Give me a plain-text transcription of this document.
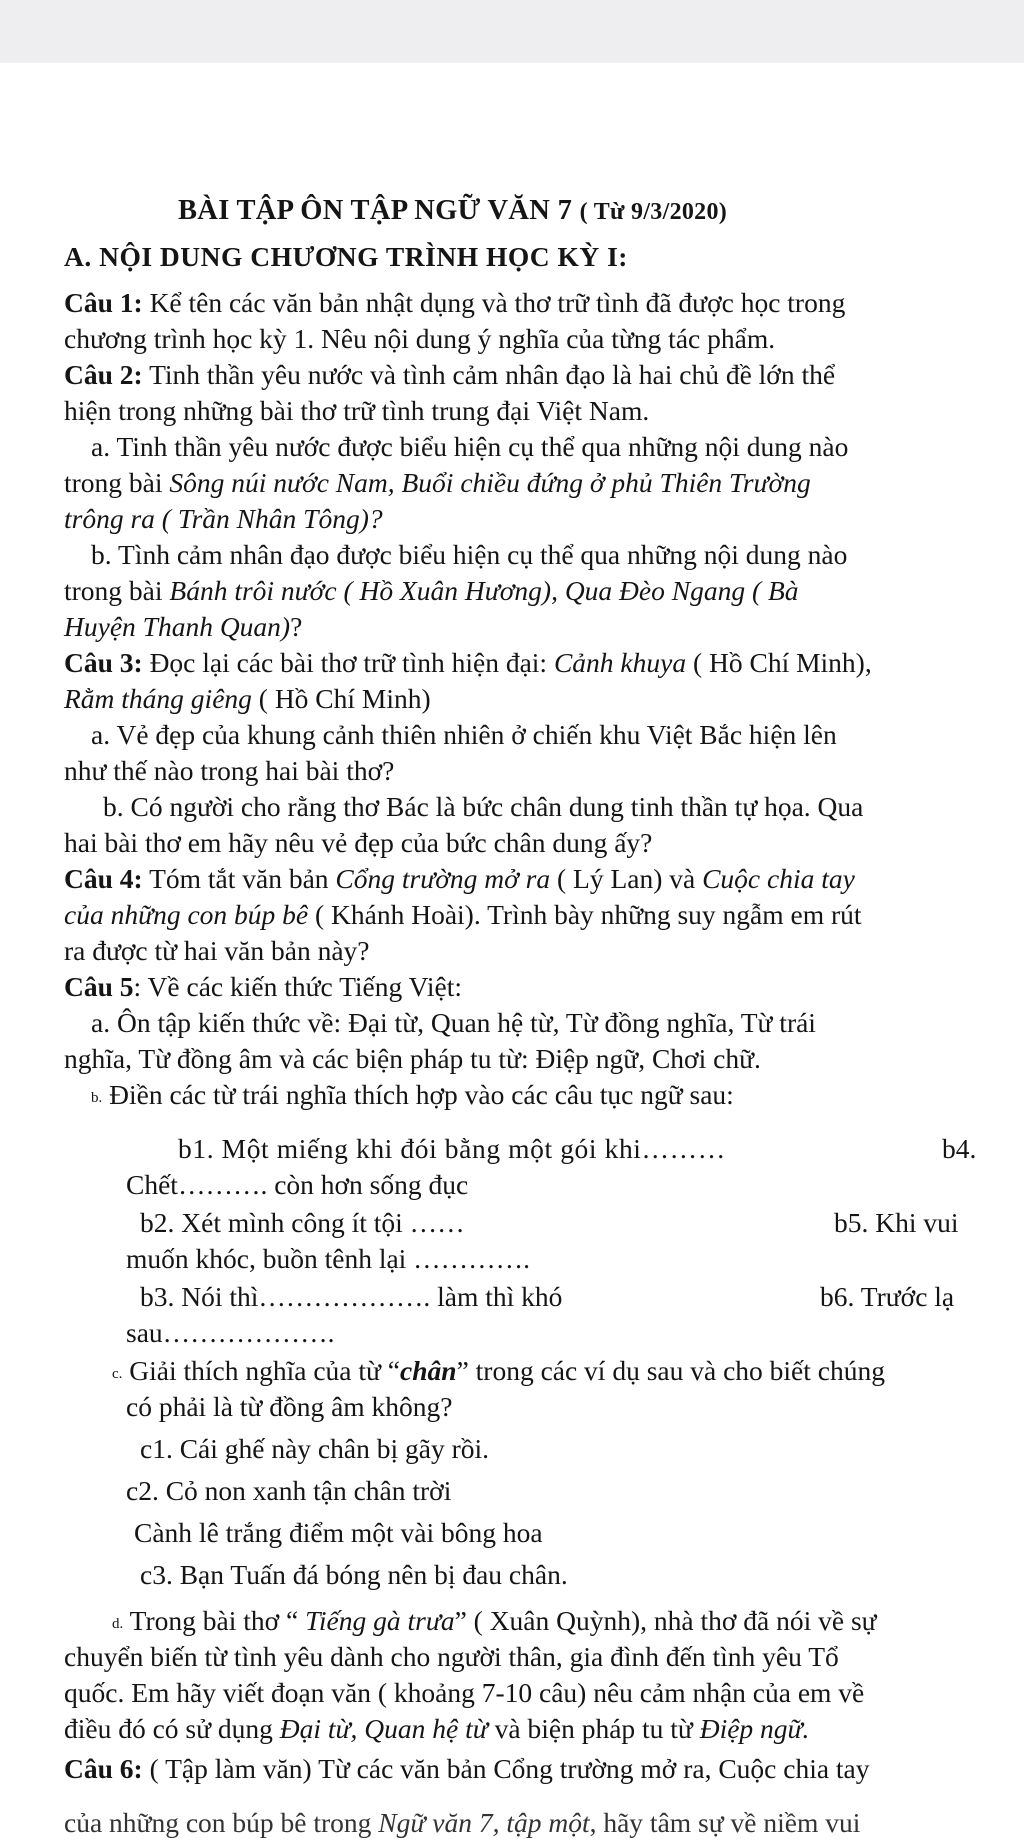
BÀI TẬP ÔN TẬP NGỮ VĂN 7 ( Từ 9/3/2020)
A. NỘI DUNG CHƯƠNG TRÌNH HỌC KỲ I:
Câu 1: Kể tên các văn bản nhật dụng và thơ trữ tình đã được học trong
chương trình học kỳ 1. Nêu nội dung ý nghĩa của từng tác phẩm.
Câu 2: Tinh thần yêu nước và tình cảm nhân đạo là hai chủ đề lớn thể
hiện trong những bài thơ trữ tình trung đại Việt Nam.
a. Tinh thần yêu nước được biểu hiện cụ thể qua những nội dung nào
trong bài Sông núi nước Nam, Buổi chiều đứng ở phủ Thiên Trường
trông ra ( Trần Nhân Tông)?
b. Tình cảm nhân đạo được biểu hiện cụ thể qua những nội dung nào
trong bài Bánh trôi nước ( Hồ Xuân Hương), Qua Đèo Ngang ( Bà
Huyện Thanh Quan)?
Câu 3: Đọc lại các bài thơ trữ tình hiện đại: Cảnh khuya ( Hồ Chí Minh),
Rằm tháng giêng ( Hồ Chí Minh)
a. Vẻ đẹp của khung cảnh thiên nhiên ở chiến khu Việt Bắc hiện lên
như thế nào trong hai bài thơ?
b. Có người cho rằng thơ Bác là bức chân dung tinh thần tự họa. Qua
hai bài thơ em hãy nêu vẻ đẹp của bức chân dung ấy?
Câu 4: Tóm tắt văn bản Cổng trường mở ra ( Lý Lan) và Cuộc chia tay
của những con búp bê ( Khánh Hoài). Trình bày những suy ngẫm em rút
ra được từ hai văn bản này?
Câu 5: Về các kiến thức Tiếng Việt:
a. Ôn tập kiến thức về: Đại từ, Quan hệ từ, Từ đồng nghĩa, Từ trái
nghĩa, Từ đồng âm và các biện pháp tu từ: Điệp ngữ, Chơi chữ.
b. Điền các từ trái nghĩa thích hợp vào các câu tục ngữ sau:
b1. Một miếng khi đói bằng một gói khi………	b4.
Chết………. còn hơn sống đục
b2. Xét mình công ít tội ……	b5. Khi vui
muốn khóc, buồn tênh lại ………….
b3. Nói thì………………. làm thì khó	b6. Trước lạ
sau……………….
c. Giải thích nghĩa của từ “chân” trong các ví dụ sau và cho biết chúng
có phải là từ đồng âm không?
c1. Cái ghế này chân bị gãy rồi.
c2. Cỏ non xanh tận chân trời
Cành lê trắng điểm một vài bông hoa
c3. Bạn Tuấn đá bóng nên bị đau chân.
d. Trong bài thơ “ Tiếng gà trưa” ( Xuân Quỳnh), nhà thơ đã nói về sự
chuyển biến từ tình yêu dành cho người thân, gia đình đến tình yêu Tổ
quốc. Em hãy viết đoạn văn ( khoảng 7-10 câu) nêu cảm nhận của em về
điều đó có sử dụng Đại từ, Quan hệ từ và biện pháp tu từ Điệp ngữ.
Câu 6: ( Tập làm văn) Từ các văn bản Cổng trường mở ra, Cuộc chia tay
của những con búp bê trong Ngữ văn 7, tập một, hãy tâm sự về niềm vui
